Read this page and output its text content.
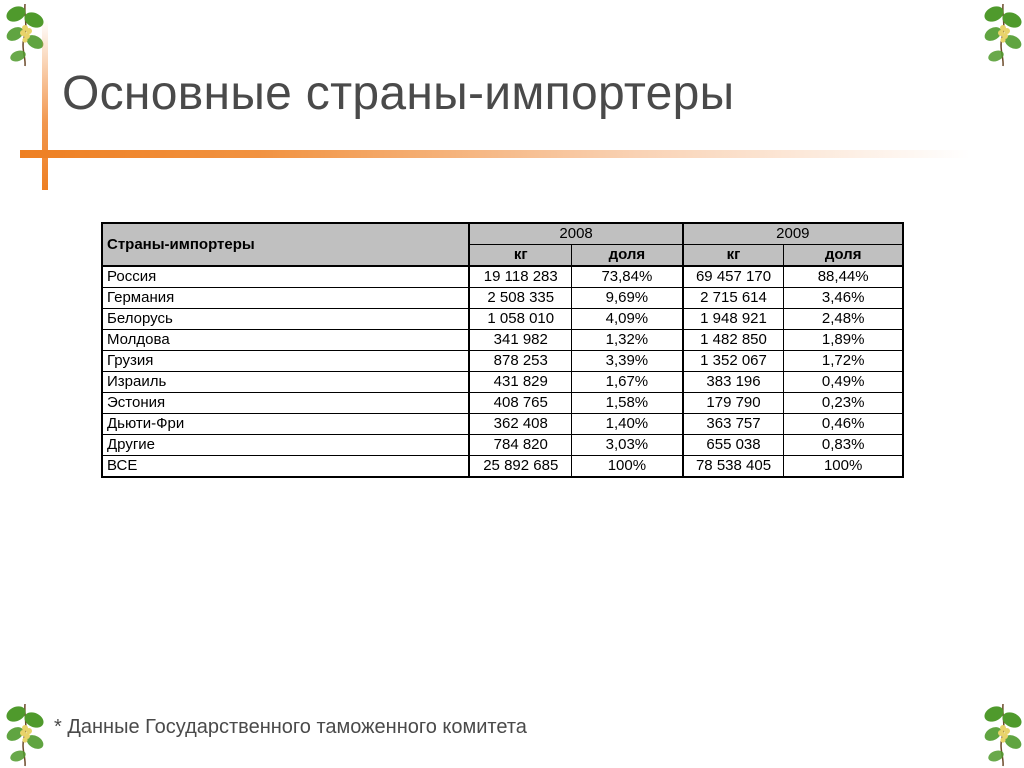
Основные страны-импортеры
Страны-импортеры	2008		2009	
	кг	доля	кг	доля
Россия	19 118 283	73,84%	69 457 170	88,44%
Германия	2 508 335	9,69%	2 715 614	3,46%
Белорусь	1 058 010	4,09%	1 948 921	2,48%
Молдова	341 982	1,32%	1 482 850	1,89%
Грузия	878 253	3,39%	1 352 067	1,72%
Израиль	431 829	1,67%	383 196	0,49%
Эстония	408 765	1,58%	179 790	0,23%
Дьюти-Фри	362 408	1,40%	363 757	0,46%
Другие	784 820	3,03%	655 038	0,83%
ВСЕ	25 892 685	100%	78 538 405	100%
* Данные Государственного таможенного комитета
